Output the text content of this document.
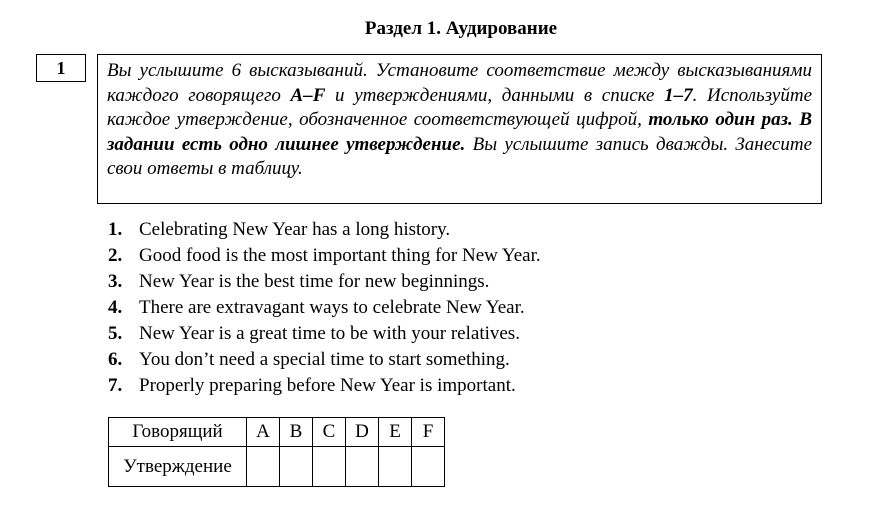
Раздел 1. Аудирование
1	Вы услышите 6 высказываний. Установите соответствие между высказываниями каждого говорящего A–F и утверждениями, данными в списке 1–7. Используйте каждое утверждение, обозначенное соответствующей цифрой, только один раз. В задании есть одно лишнее утверждение. Вы услышите запись дважды. Занесите свои ответы в таблицу.
1. Celebrating New Year has a long history.
2. Good food is the most important thing for New Year.
3. New Year is the best time for new beginnings.
4. There are extravagant ways to celebrate New Year.
5. New Year is a great time to be with your relatives.
6. You don’t need a special time to start something.
7. Properly preparing before New Year is important.
Говорящий	A	B	C	D	E	F
Утверждение						
